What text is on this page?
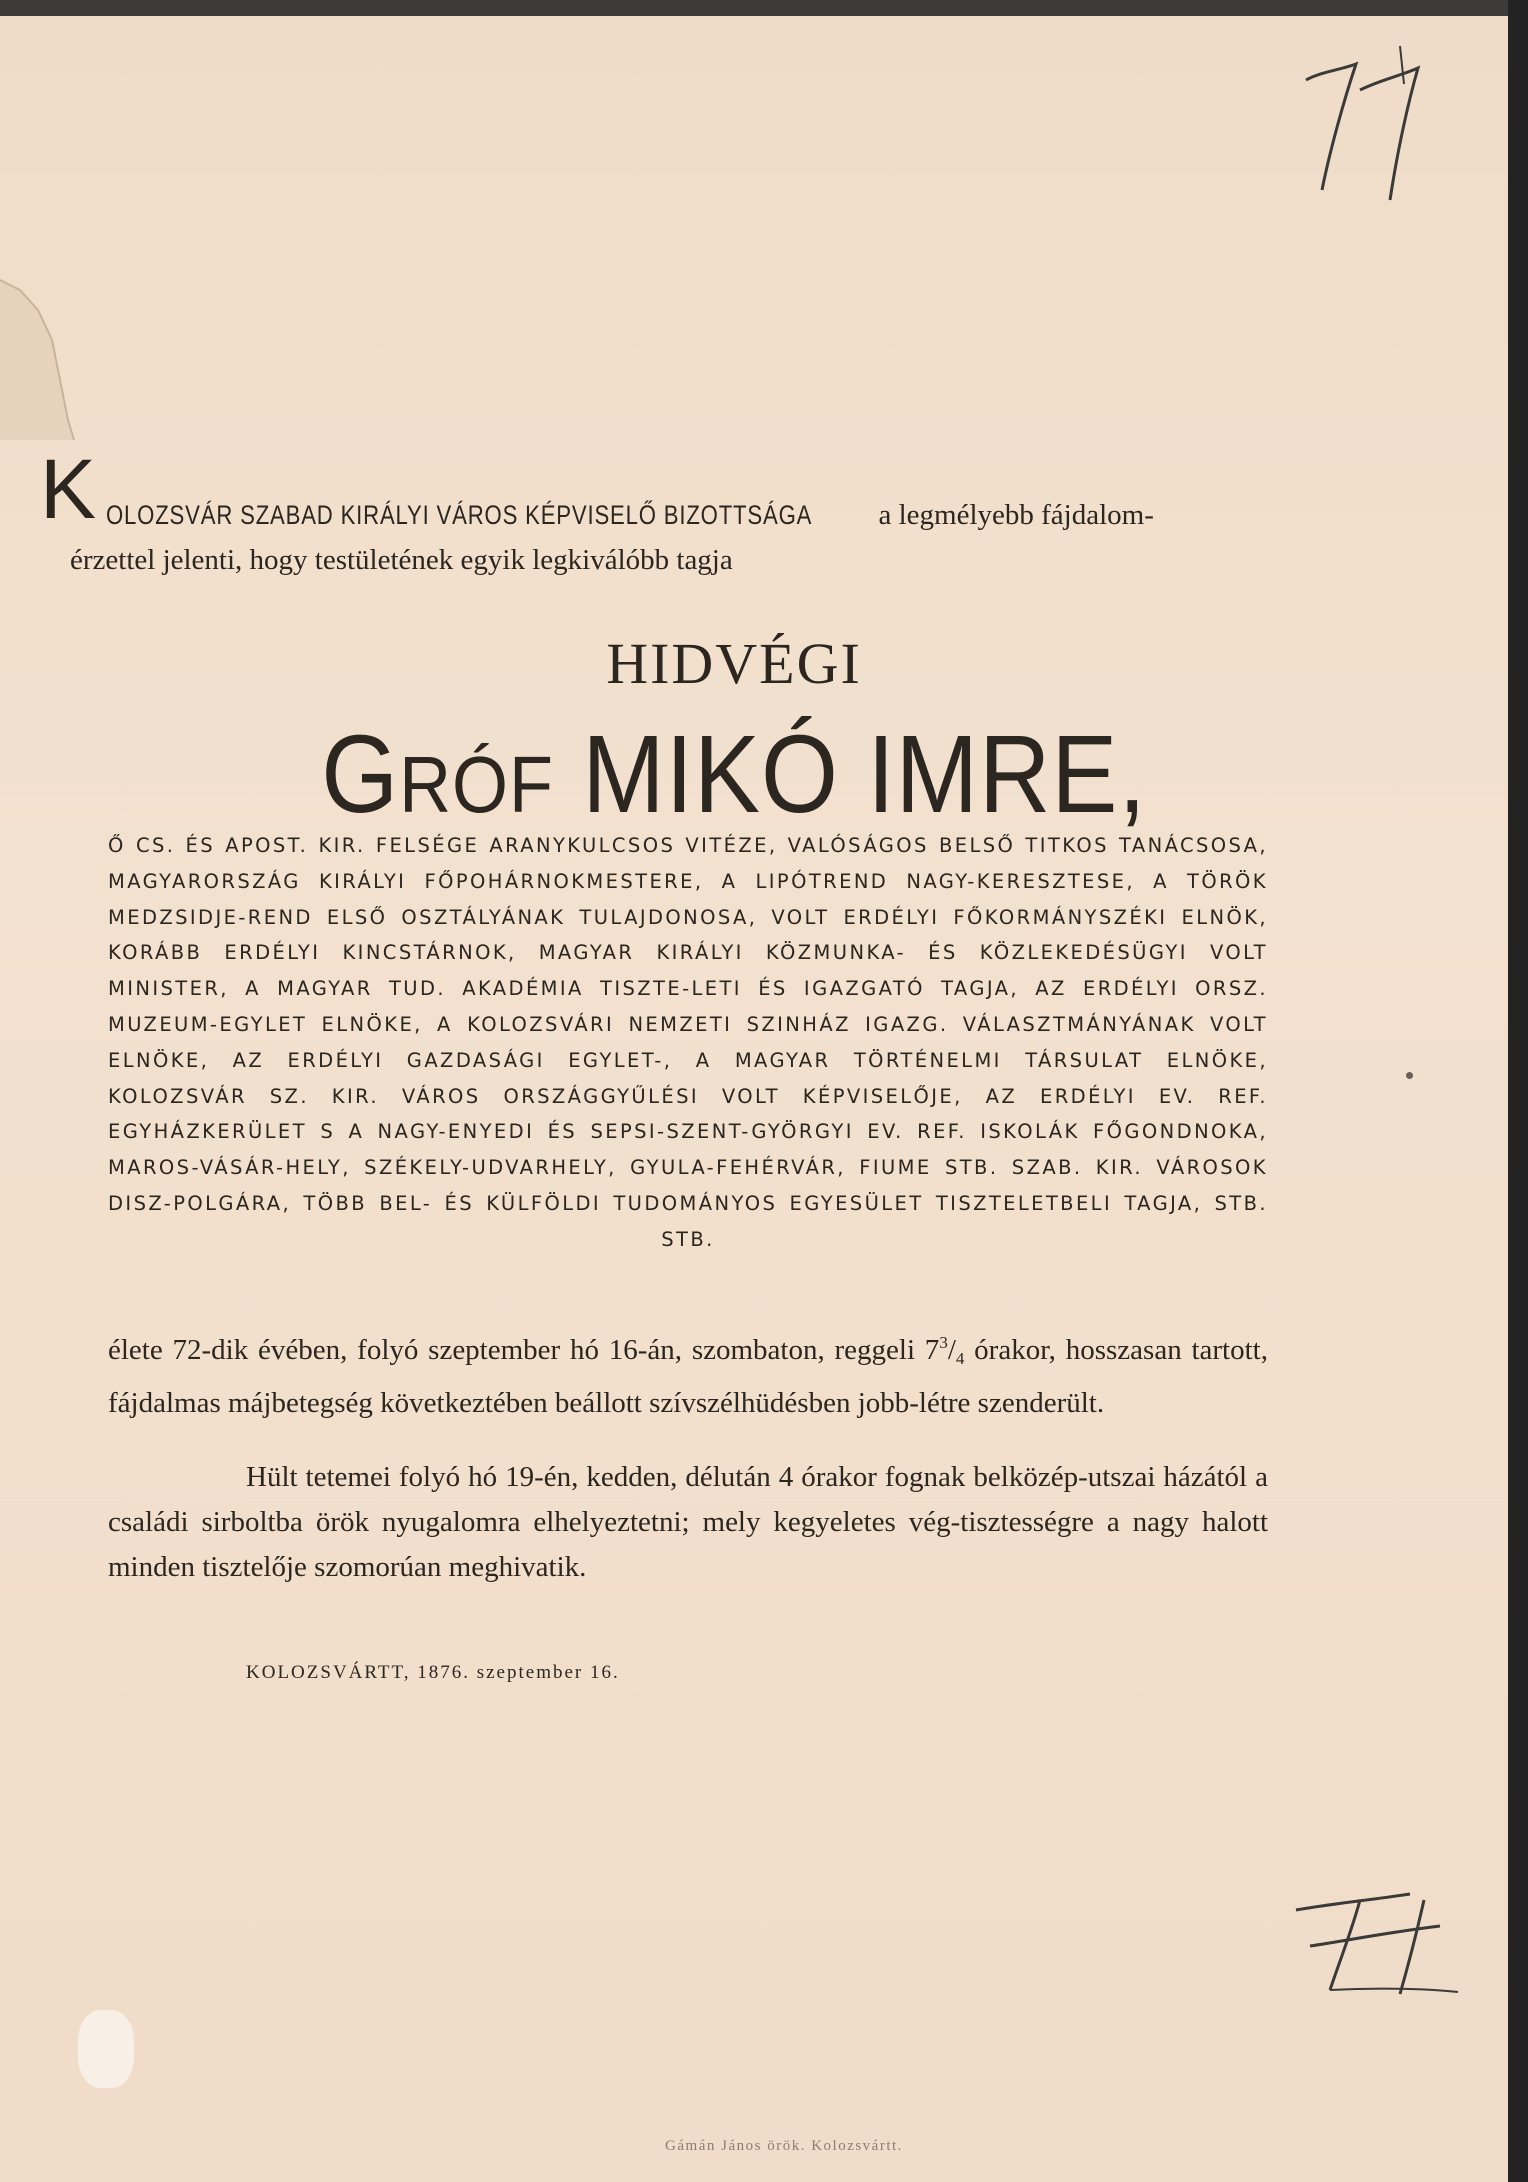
K OLOZSVÁR SZABAD KIRÁLYI VÁROS KÉPVISELŐ BIZOTTSÁGA a legmélyebb fájdalom-
érzettel jelenti, hogy testületének egyik legkiválóbb tagja
HIDVÉGI
GRÓF MIKÓ IMRE,
Ő CS. ÉS APOST. KIR. FELSÉGE ARANYKULCSOS VITÉZE, VALÓSÁGOS BELSŐ TITKOS TANÁCSOSA, MAGYARORSZÁG KIRÁLYI FŐPOHÁRNOKMESTERE, A LIPÓTREND NAGY-KERESZTESE, A TÖRÖK MEDZSIDJE-REND ELSŐ OSZTÁLYÁNAK TULAJDONOSA, VOLT ERDÉLYI FŐKORMÁNYSZÉKI ELNÖK, KORÁBB ERDÉLYI KINCSTÁRNOK, MAGYAR KIRÁLYI KÖZMUNKA- ÉS KÖZLEKEDÉSÜGYI VOLT MINISTER, A MAGYAR TUD. AKADÉMIA TISZTE-LETI ÉS IGAZGATÓ TAGJA, AZ ERDÉLYI ORSZ. MUZEUM-EGYLET ELNÖKE, A KOLOZSVÁRI NEMZETI SZINHÁZ IGAZG. VÁLASZTMÁNYÁNAK VOLT ELNÖKE, AZ ERDÉLYI GAZDASÁGI EGYLET-, A MAGYAR TÖRTÉNELMI TÁRSULAT ELNÖKE, KOLOZSVÁR SZ. KIR. VÁROS ORSZÁGGYŰLÉSI VOLT KÉPVISELŐJE, AZ ERDÉLYI EV. REF. EGYHÁZKERÜLET S A NAGY-ENYEDI ÉS SEPSI-SZENT-GYÖRGYI EV. REF. ISKOLÁK FŐGONDNOKA, MAROS-VÁSÁR-HELY, SZÉKELY-UDVARHELY, GYULA-FEHÉRVÁR, FIUME STB. SZAB. KIR. VÁROSOK DISZ-POLGÁRA, TÖBB BEL- ÉS KÜLFÖLDI TUDOMÁNYOS EGYESÜLET TISZTELETBELI TAGJA, STB. STB.
élete 72-dik évében, folyó szeptember hó 16-án, szombaton, reggeli $7^3/_4$ órakor, hosszasan tartott, fájdalmas májbetegség következtében beállott szívszélhüdésben jobb-létre szenderült.
Hült tetemei folyó hó 19-én, kedden, délután 4 órakor fognak belközép-utszai házától a családi sirboltba örök nyugalomra elhelyeztetni; mely kegyeletes vég-tisztességre a nagy halott minden tisztelője szomorúan meghivatik.
KOLOZSVÁRTT, 1876. szeptember 16.
Gámán János örök. Kolozsvártt.
